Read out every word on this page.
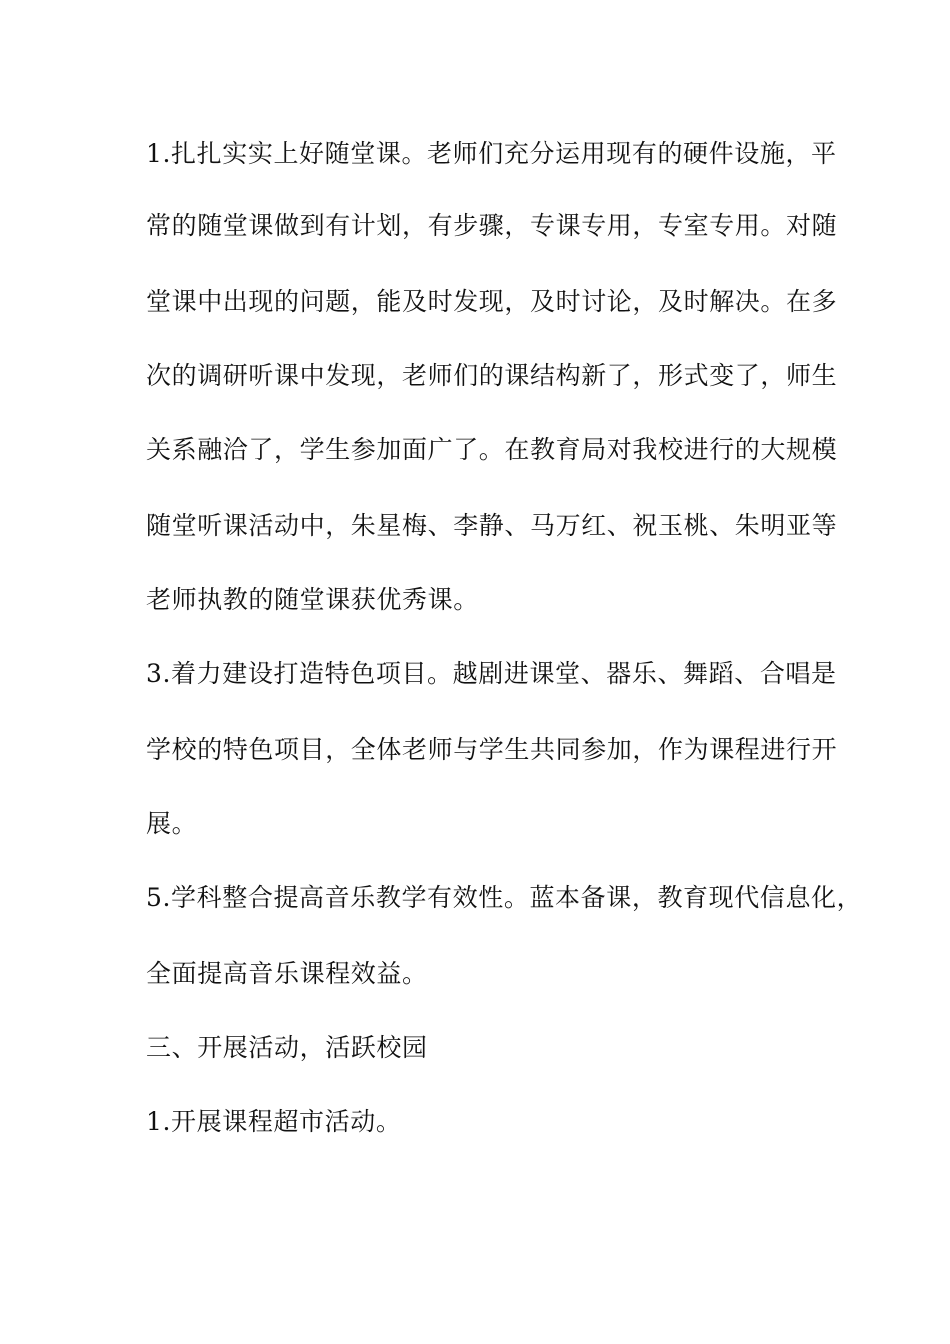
1.扎扎实实上好随堂课。老师们充分运用现有的硬件设施，平
常的随堂课做到有计划，有步骤，专课专用，专室专用。对随
堂课中出现的问题，能及时发现，及时讨论，及时解决。在多
次的调研听课中发现，老师们的课结构新了，形式变了，师生
关系融洽了，学生参加面广了。在教育局对我校进行的大规模
随堂听课活动中，朱星梅、李静、马万红、祝玉桃、朱明亚等
老师执教的随堂课获优秀课。
3.着力建设打造特色项目。越剧进课堂、器乐、舞蹈、合唱是
学校的特色项目，全体老师与学生共同参加，作为课程进行开
展。
5.学科整合提高音乐教学有效性。蓝本备课，教育现代信息化，
全面提高音乐课程效益。
三、开展活动，活跃校园
1.开展课程超市活动。
